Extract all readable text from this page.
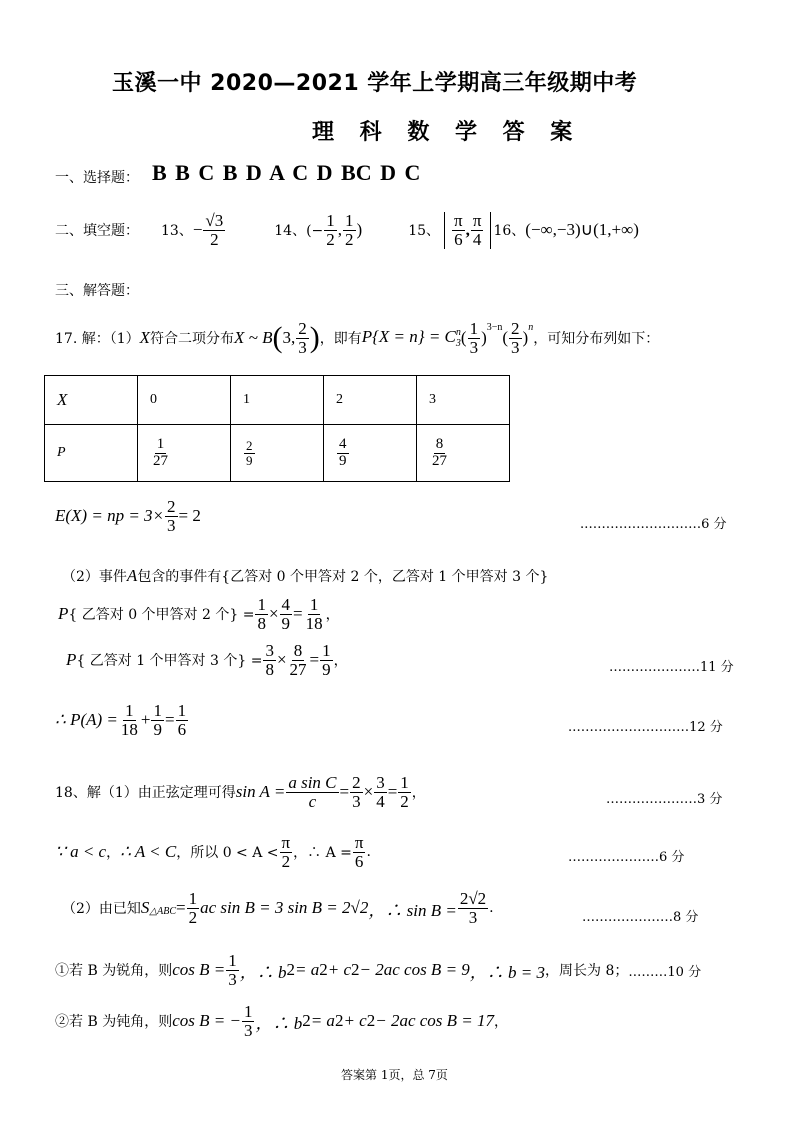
玉溪一中 2020—2021 学年上学期高三年级期中考
理 科 数 学 答 案
一、选择题： B B C B D A C D BC D C
二、填空题： 13、 − $\frac{√3}{2}$	14、(− $\frac{1}{2}$ , $\frac{1}{2}$ )	15、 $\frac{\pi}{6}$ , $\frac{\pi}{4} 16$、 (−∞,−3)∪(1,+∞)
三、解答题：
17. 解：（1） X 符合二项分布 X ~ B ( 3, $\frac{2}{3}$ ) ，即有 P{X = n} = C n
3 ( $\frac{1}{3}$ )
3−n
( $\frac{2}{3}$ )
n
，可知分布列如下：
X	0	1	2	3
P	$\frac{1}{27}$	$\frac{2}{9}$	$\frac{4}{9}$	$\frac{8}{27}$
E(X) = np = $3\times \frac{2}{3} = 2$	.………………………6 分
（2）事件 A 包含的事件有{乙答对 0 个甲答对 2 个，乙答对 1 个甲答对 3 个}
P { 乙答对 0 个甲答对 2 个} = $\frac{1}{8} \times \frac{4}{9} = \frac{1}{18}$ ，
P { 乙答对 1 个甲答对 3 个} = $\frac{3}{8} \times \frac{8}{27} = \frac{1}{9}$ ，	…………………11 分
∴ $P(A) = \frac{1}{18} + \frac{1}{9} = \frac{1}{6}$	.………………………12 分
18、解（1）由正弦定理可得 $\sin A = \frac{\text{a sin C}}{c} = \frac{2}{3} \times \frac{3}{4} = \frac{1}{2}$ ，	…………………3 分
∵ a < c ， ∴ A < C ，所以 $0 < A < \frac{\pi}{2}$ ，∴ $A = \frac{\pi}{6}$ .	…………………6 分
（2）由已知 S △ABC = $\frac{1}{2}$ ac sin B = 3 sin B = 2√2 ，∴ $\sin B = \frac{2√2}{3}$ .
…………………8 分
①若 B 为锐角，则 $\cos B = \frac{1}{3}$ ，∴ b 2 = a 2 + c 2 − 2ac cos B = 9 ，∴ b = 3 ，周长为 8； ………10 分
②若 B 为钝角，则 cos B = − $\frac{1}{3}$ ，∴ b 2 = a 2 + c 2 − 2ac cos B = 17 ，
答案第 1页，总 7页
